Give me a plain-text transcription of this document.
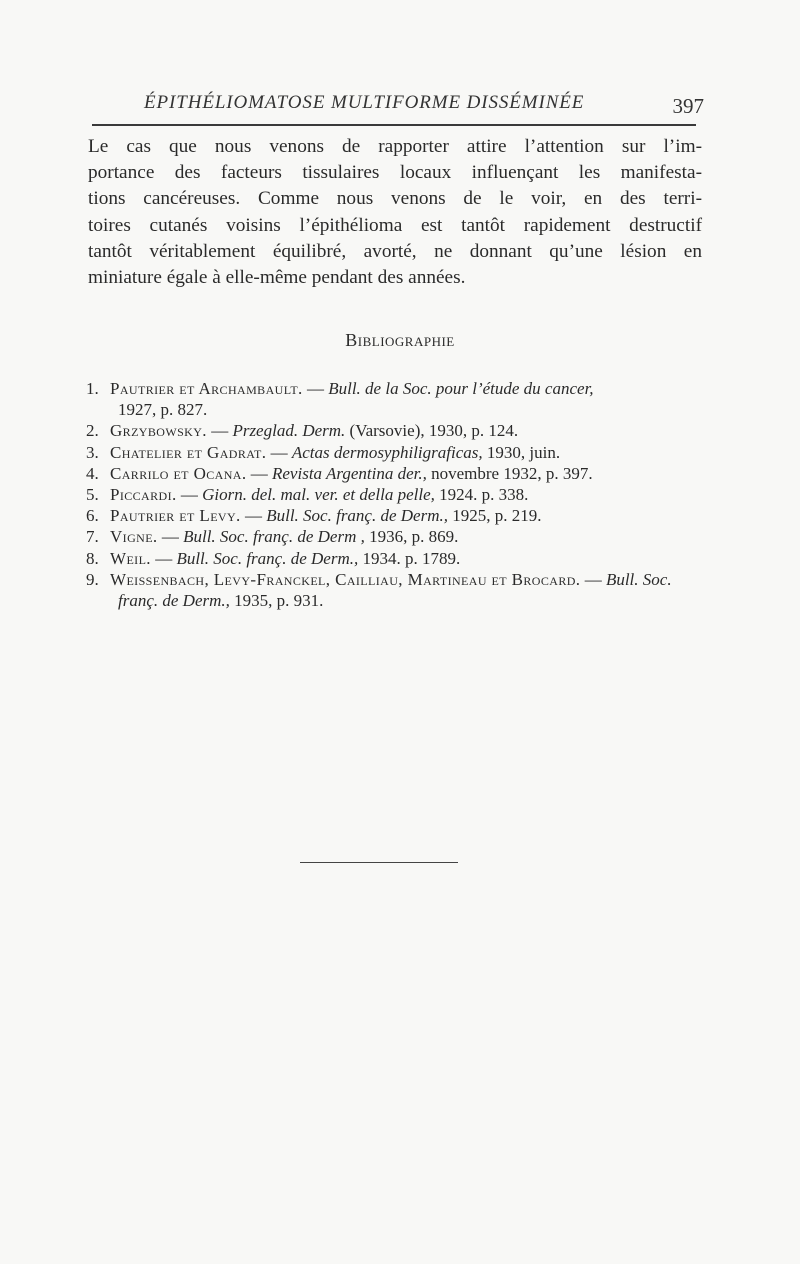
ÉPITHÉLIOMATOSE MULTIFORME DISSÉMINÉE	397

Le cas que nous venons de rapporter attire l’attention sur l’im-
portance des facteurs tissulaires locaux influençant les manifesta-
tions cancéreuses. Comme nous venons de le voir, en des terri-
toires cutanés voisins l’épithélioma est tantôt rapidement destructif
tantôt véritablement équilibré, avorté, ne donnant qu’une lésion en
miniature égale à elle-même pendant des années.

Bibliographie
1. Pautrier et Archambault. — Bull. de la Soc. pour l’étude du cancer,
1927, p. 827.
2. Grzybowsky. — Przeglad. Derm. (Varsovie), 1930, p. 124.
3. Chatelier et Gadrat. — Actas dermosyphiligraficas, 1930, juin.
4. Carrilo et Ocana. — Revista Argentina der., novembre 1932, p. 397.
5. Piccardi. — Giorn. del. mal. ver. et della pelle, 1924. p. 338.
6. Pautrier et Levy. — Bull. Soc. franç. de Derm., 1925, p. 219.
7. Vigne. — Bull. Soc. franç. de Derm , 1936, p. 869.
8. Weil. — Bull. Soc. franç. de Derm., 1934. p. 1789.
9. Weissenbach, Levy-Franckel, Cailliau, Martineau et Brocard. — Bull. Soc.
franç. de Derm., 1935, p. 931.
